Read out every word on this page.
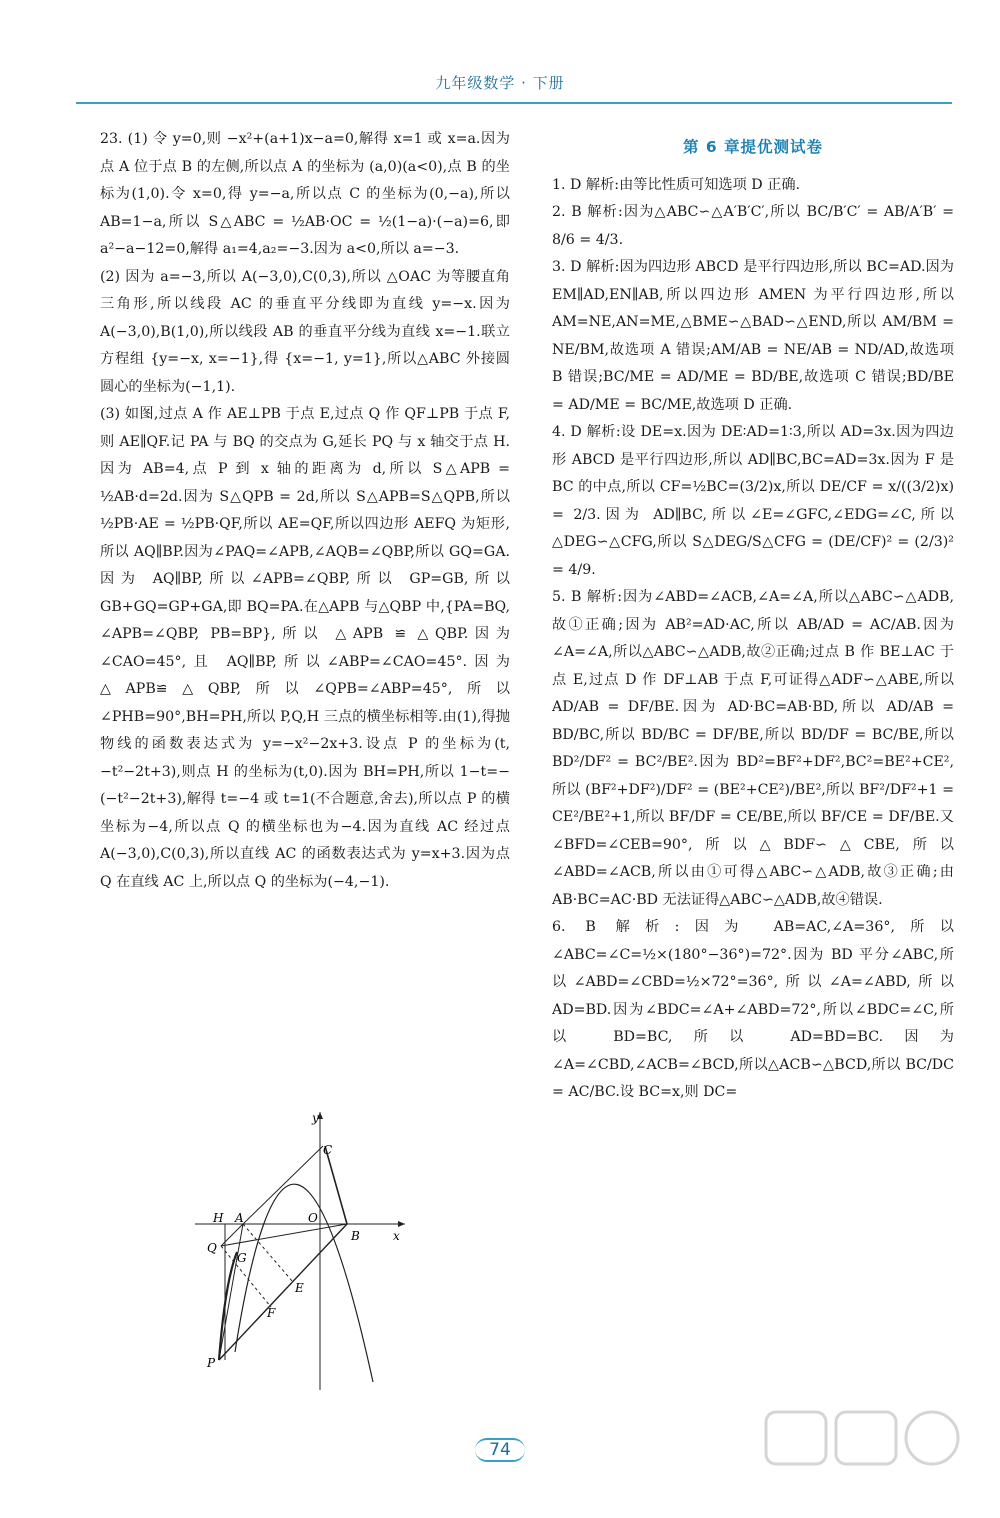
九年级数学 · 下册

23. (1) 令 y=0,则 −x²+(a+1)x−a=0,解得 x=1 或 x=a.因为点 A 位于点 B 的左侧,所以点 A 的坐标为 (a,0)(a<0),点 B 的坐标为(1,0).令 x=0,得 y=−a,所以点 C 的坐标为(0,−a),所以 AB=1−a,所以 S△ABC = ½AB·OC = ½(1−a)·(−a)=6,即 a²−a−12=0,解得 a₁=4,a₂=−3.因为 a<0,所以 a=−3.

(2) 因为 a=−3,所以 A(−3,0),C(0,3),所以 △OAC 为等腰直角三角形,所以线段 AC 的垂直平分线即为直线 y=−x.因为 A(−3,0),B(1,0),所以线段 AB 的垂直平分线为直线 x=−1.联立方程组 {y=−x, x=−1},得 {x=−1, y=1},所以△ABC 外接圆圆心的坐标为(−1,1).

(3) 如图,过点 A 作 AE⊥PB 于点 E,过点 Q 作 QF⊥PB 于点 F,则 AE∥QF.记 PA 与 BQ 的交点为 G,延长 PQ 与 x 轴交于点 H.因为 AB=4,点 P 到 x 轴的距离为 d,所以 S△APB = ½AB·d=2d.因为 S△QPB = 2d,所以 S△APB=S△QPB,所以 ½PB·AE = ½PB·QF,所以 AE=QF,所以四边形 AEFQ 为矩形,所以 AQ∥BP.因为∠PAQ=∠APB,∠AQB=∠QBP,所以 GQ=GA.因为 AQ∥BP,所以∠APB=∠QBP,所以 GP=GB,所以 GB+GQ=GP+GA,即 BQ=PA.在△APB 与△QBP 中,{PA=BQ, ∠APB=∠QBP, PB=BP},所以 △APB ≌ △QBP.因为 ∠CAO=45°,且 AQ∥BP,所以∠ABP=∠CAO=45°.因为△APB≌△QBP,所以∠QPB=∠ABP=45°,所以∠PHB=90°,BH=PH,所以 P,Q,H 三点的横坐标相等.由(1),得抛物线的函数表达式为 y=−x²−2x+3.设点 P 的坐标为(t,−t²−2t+3),则点 H 的坐标为(t,0).因为 BH=PH,所以 1−t=−(−t²−2t+3),解得 t=−4 或 t=1(不合题意,舍去),所以点 P 的横坐标为−4,所以点 Q 的横坐标也为−4.因为直线 AC 经过点 A(−3,0),C(0,3),所以直线 AC 的函数表达式为 y=x+3.因为点 Q 在直线 AC 上,所以点 Q 的坐标为(−4,−1).

y
x
C
H A	O
B
Q
G
E
F
P
第 6 章提优测试卷

1. D 解析:由等比性质可知选项 D 正确.

2. B 解析:因为△ABC∽△A′B′C′,所以 BC/B′C′ = AB/A′B′ = 8/6 = 4/3.

3. D 解析:因为四边形 ABCD 是平行四边形,所以 BC=AD.因为 EM∥AD,EN∥AB,所以四边形 AMEN 为平行四边形,所以 AM=NE,AN=ME,△BME∽△BAD∽△END,所以 AM/BM = NE/BM,故选项 A 错误;AM/AB = NE/AB = ND/AD,故选项 B 错误;BC/ME = AD/ME = BD/BE,故选项 C 错误;BD/BE = AD/ME = BC/ME,故选项 D 正确.

4. D 解析:设 DE=x.因为 DE∶AD=1∶3,所以 AD=3x.因为四边形 ABCD 是平行四边形,所以 AD∥BC,BC=AD=3x.因为 F 是 BC 的中点,所以 CF=½BC=(3/2)x,所以 DE/CF = x/((3/2)x) = 2/3.因为 AD∥BC,所以∠E=∠GFC,∠EDG=∠C,所以△DEG∽△CFG,所以 S△DEG/S△CFG = (DE/CF)² = (2/3)² = 4/9.

5. B 解析:因为∠ABD=∠ACB,∠A=∠A,所以△ABC∽△ADB,故①正确;因为 AB²=AD·AC,所以 AB/AD = AC/AB.因为∠A=∠A,所以△ABC∽△ADB,故②正确;过点 B 作 BE⊥AC 于点 E,过点 D 作 DF⊥AB 于点 F,可证得△ADF∽△ABE,所以 AD/AB = DF/BE.因为 AD·BC=AB·BD,所以 AD/AB = BD/BC,所以 BD/BC = DF/BE,所以 BD/DF = BC/BE,所以 BD²/DF² = BC²/BE².因为 BD²=BF²+DF²,BC²=BE²+CE²,所以 (BF²+DF²)/DF² = (BE²+CE²)/BE²,所以 BF²/DF²+1 = CE²/BE²+1,所以 BF/DF = CE/BE,所以 BF/CE = DF/BE.又∠BFD=∠CEB=90°,所以△BDF∽△CBE,所以∠ABD=∠ACB,所以由①可得△ABC∽△ADB,故③正确;由 AB·BC=AC·BD 无法证得△ABC∽△ADB,故④错误.

6. B 解析:因为 AB=AC,∠A=36°,所以∠ABC=∠C=½×(180°−36°)=72°.因为 BD 平分∠ABC,所以∠ABD=∠CBD=½×72°=36°,所以∠A=∠ABD,所以 AD=BD.因为∠BDC=∠A+∠ABD=72°,所以∠BDC=∠C,所以 BD=BC,所以 AD=BD=BC.因为∠A=∠CBD,∠ACB=∠BCD,所以△ACB∽△BCD,所以 BC/DC = AC/BC.设 BC=x,则 DC=

74
